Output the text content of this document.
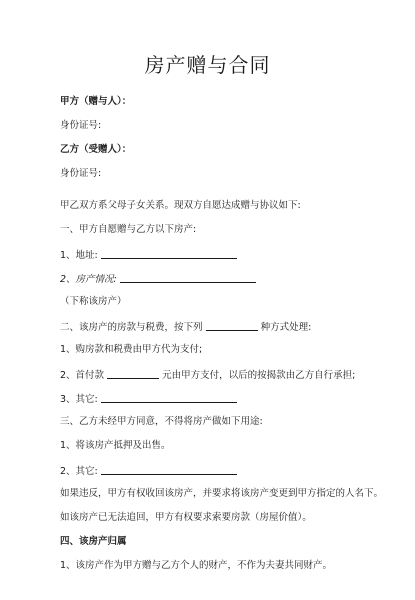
房产赠与合同
甲方（赠与人）：
身份证号:
乙方（受赠人）：
身份证号:
甲乙双方系父母子女关系。现双方自愿达成赠与协议如下:
一、甲方自愿赠与乙方以下房产:
1、地址:
2、房产情况:
（下称该房产）
二、该房产的房款与税费，按下列	种方式处理:
1、购房款和税费由甲方代为支付;
2、首付款	元由甲方支付，以后的按揭款由乙方自行承担;
3、其它:
三、乙方未经甲方同意，不得将房产做如下用途:
1、将该房产抵押及出售。
2、其它:
如果违反，甲方有权收回该房产，并要求将该房产变更到甲方指定的人名下。
如该房产已无法追回，甲方有权要求索要房款（房屋价值）。
四、该房产归属
1、该房产作为甲方赠与乙方个人的财产，不作为夫妻共同财产。
